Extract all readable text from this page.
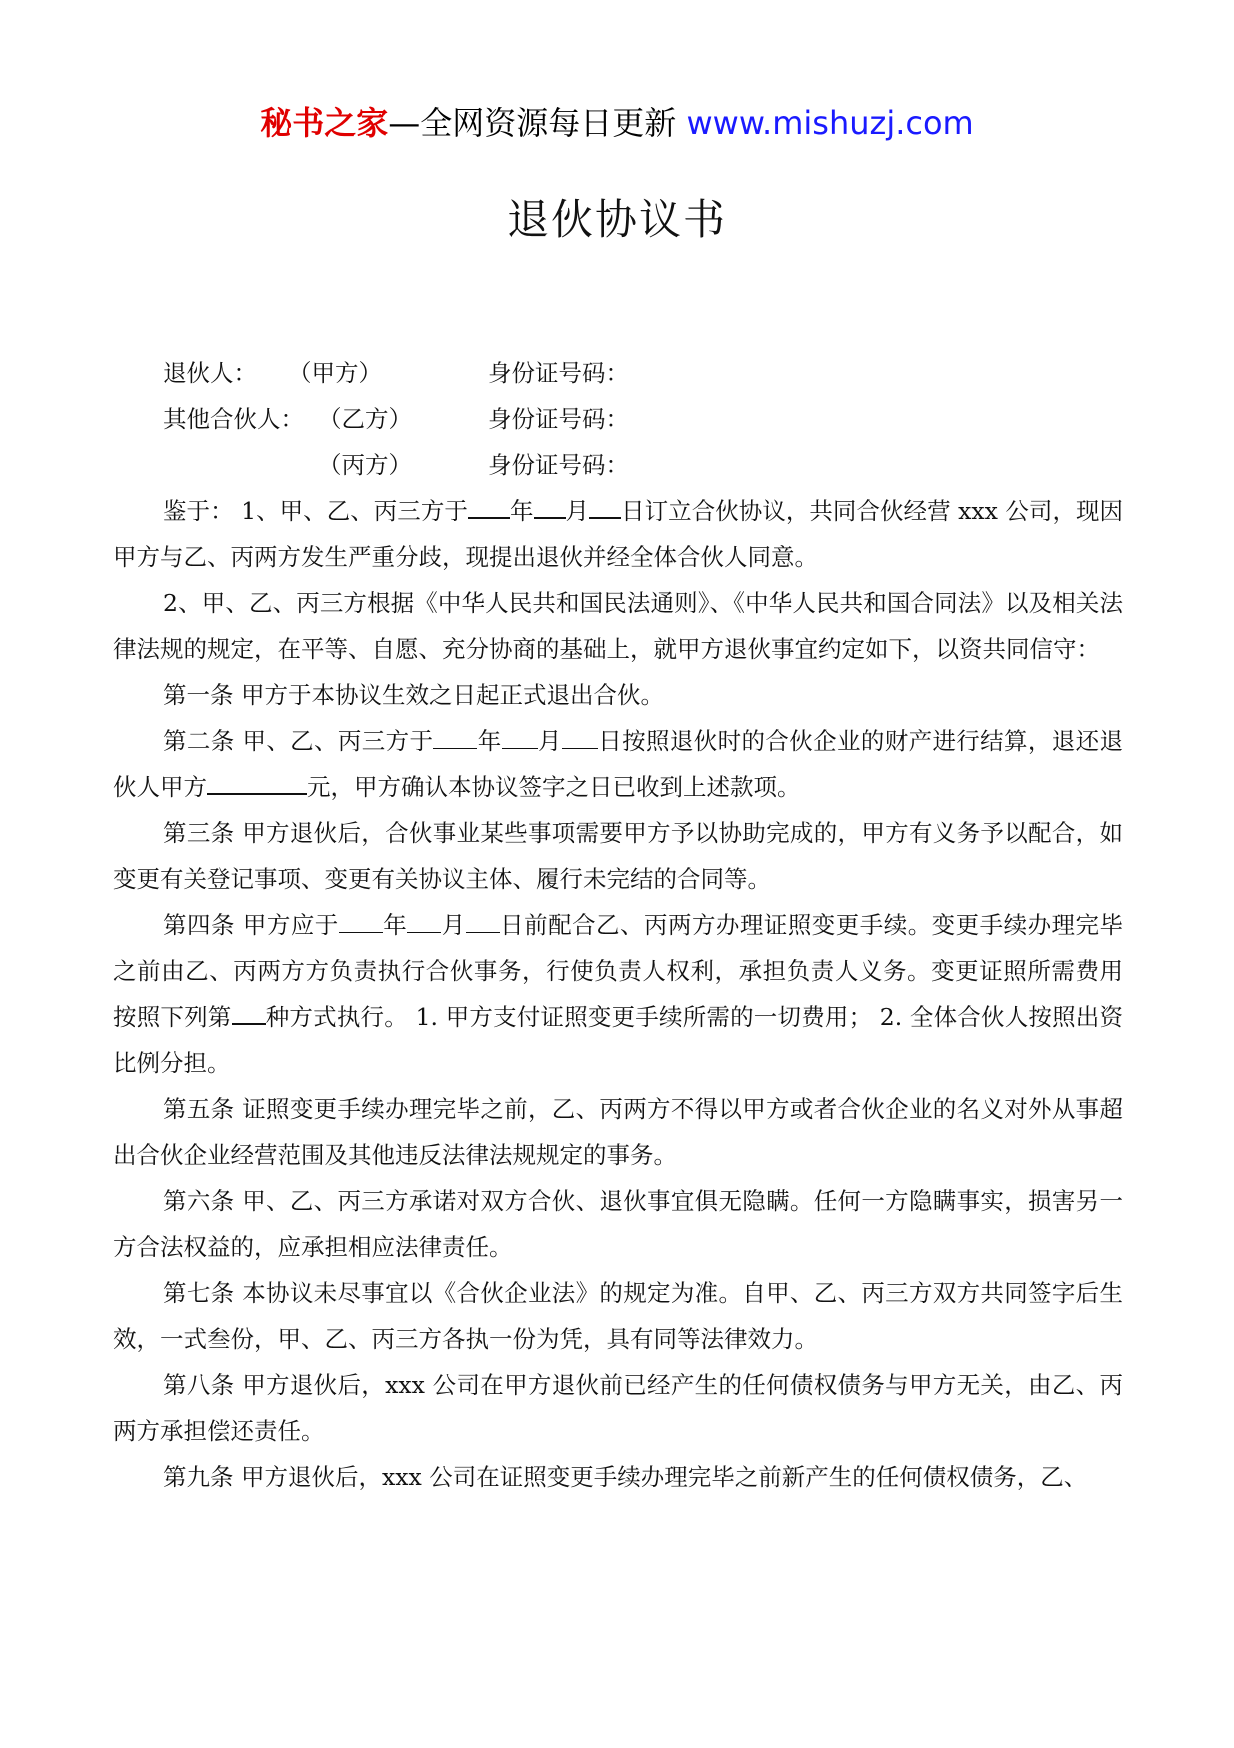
秘书之家—全网资源每日更新 www.mishuzj.com
退伙协议书
退伙人： （甲方）	身份证号码：
其他合伙人： （乙方）	身份证号码：
（丙方）	身份证号码：

鉴于： 1、甲、乙、丙三方于 年 月 日订立合伙协议，共同合伙经营 xxx 公司，现因甲方与乙、丙两方发生严重分歧，现提出退伙并经全体合伙人同意。

2、甲、乙、丙三方根据《中华人民共和国民法通则》、《中华人民共和国合同法》以及相关法律法规的规定，在平等、自愿、充分协商的基础上，就甲方退伙事宜约定如下，以资共同信守：

第一条 甲方于本协议生效之日起正式退出合伙。

第二条 甲、乙、丙三方于 年 月 日按照退伙时的合伙企业的财产进行结算，退还退伙人甲方	元，甲方确认本协议签字之日已收到上述款项。

第三条 甲方退伙后，合伙事业某些事项需要甲方予以协助完成的，甲方有义务予以配合，如变更有关登记事项、变更有关协议主体、履行未完结的合同等。

第四条 甲方应于 年 月 日前配合乙、丙两方办理证照变更手续。变更手续办理完毕之前由乙、丙两方方负责执行合伙事务，行使负责人权利，承担负责人义务。变更证照所需费用按照下列第 种方式执行。 1. 甲方支付证照变更手续所需的一切费用； 2. 全体合伙人按照出资比例分担。

第五条 证照变更手续办理完毕之前，乙、丙两方不得以甲方或者合伙企业的名义对外从事超出合伙企业经营范围及其他违反法律法规规定的事务。

第六条 甲、乙、丙三方承诺对双方合伙、退伙事宜俱无隐瞒。任何一方隐瞒事实，损害另一方合法权益的，应承担相应法律责任。

第七条 本协议未尽事宜以《合伙企业法》的规定为准。自甲、乙、丙三方双方共同签字后生效，一式叁份，甲、乙、丙三方各执一份为凭，具有同等法律效力。

第八条 甲方退伙后，xxx 公司在甲方退伙前已经产生的任何债权债务与甲方无关，由乙、丙两方承担偿还责任。

第九条 甲方退伙后，xxx 公司在证照变更手续办理完毕之前新产生的任何债权债务，乙、
